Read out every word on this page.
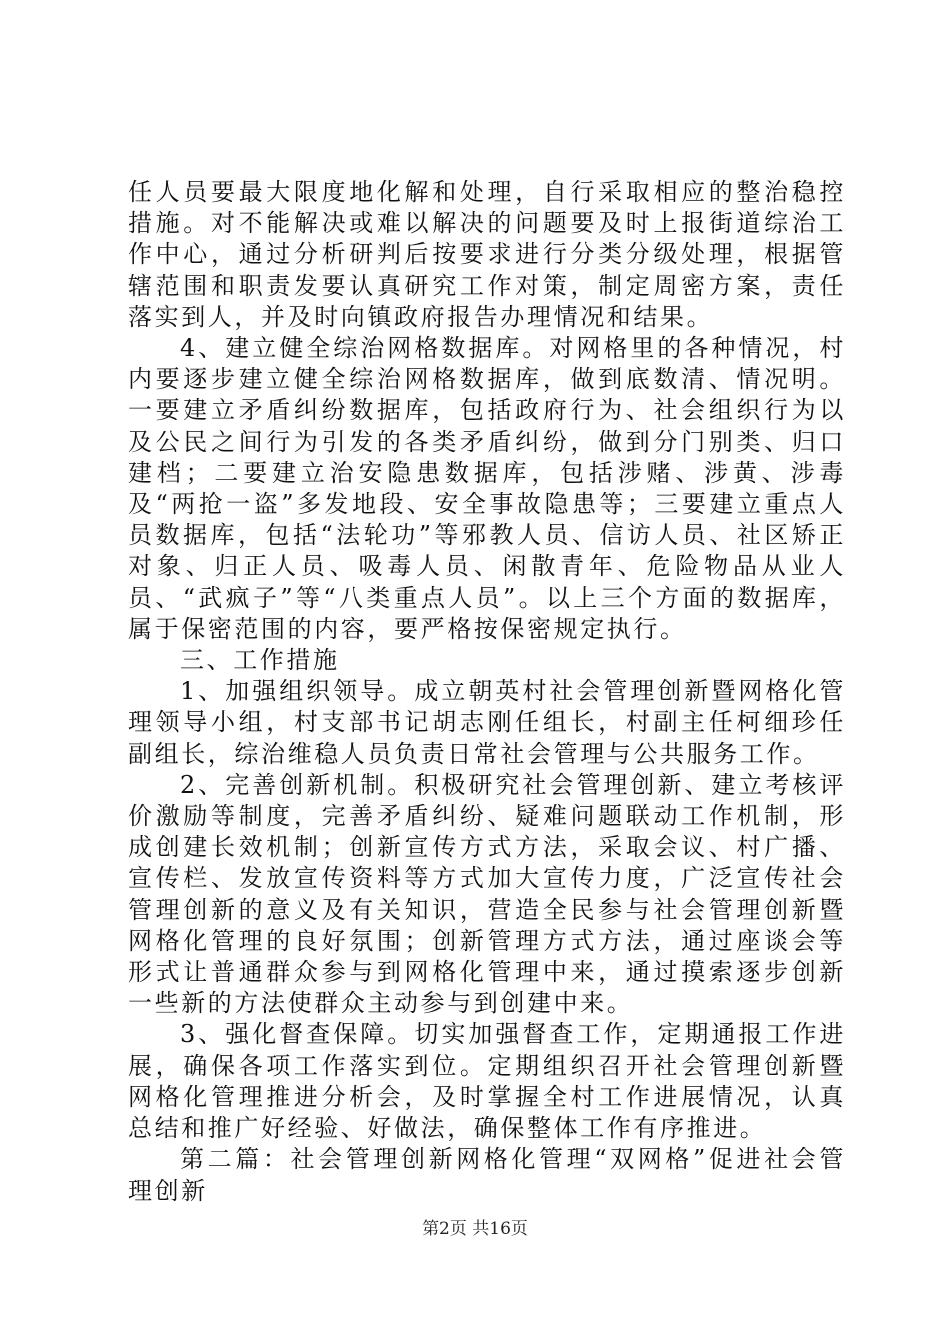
任人员要最大限度地化解和处理，自行采取相应的整治稳控措施。对不能解决或难以解决的问题要及时上报街道综治工作中心，通过分析研判后按要求进行分类分级处理，根据管辖范围和职责发要认真研究工作对策，制定周密方案，责任落实到人，并及时向镇政府报告办理情况和结果。

4、建立健全综治网格数据库。对网格里的各种情况，村内要逐步建立健全综治网格数据库，做到底数清、情况明。一要建立矛盾纠纷数据库，包括政府行为、社会组织行为以及公民之间行为引发的各类矛盾纠纷，做到分门别类、归口建档；二要建立治安隐患数据库，包括涉赌、涉黄、涉毒及“两抢一盗”多发地段、安全事故隐患等；三要建立重点人员数据库，包括“法轮功”等邪教人员、信访人员、社区矫正对象、归正人员、吸毒人员、闲散青年、危险物品从业人员、“武疯子”等“八类重点人员”。以上三个方面的数据库，属于保密范围的内容，要严格按保密规定执行。

三、工作措施

1、加强组织领导。成立朝英村社会管理创新暨网格化管理领导小组，村支部书记胡志刚任组长，村副主任柯细珍任副组长，综治维稳人员负责日常社会管理与公共服务工作。

2、完善创新机制。积极研究社会管理创新、建立考核评价激励等制度，完善矛盾纠纷、疑难问题联动工作机制，形成创建长效机制；创新宣传方式方法，采取会议、村广播、宣传栏、发放宣传资料等方式加大宣传力度，广泛宣传社会管理创新的意义及有关知识，营造全民参与社会管理创新暨网格化管理的良好氛围；创新管理方式方法，通过座谈会等形式让普通群众参与到网格化管理中来，通过摸索逐步创新一些新的方法使群众主动参与到创建中来。

3、强化督查保障。切实加强督查工作，定期通报工作进展，确保各项工作落实到位。定期组织召开社会管理创新暨网格化管理推进分析会，及时掌握全村工作进展情况，认真总结和推广好经验、好做法，确保整体工作有序推进。

第二篇：社会管理创新网格化管理“双网格”促进社会管理创新

第2页 共16页
